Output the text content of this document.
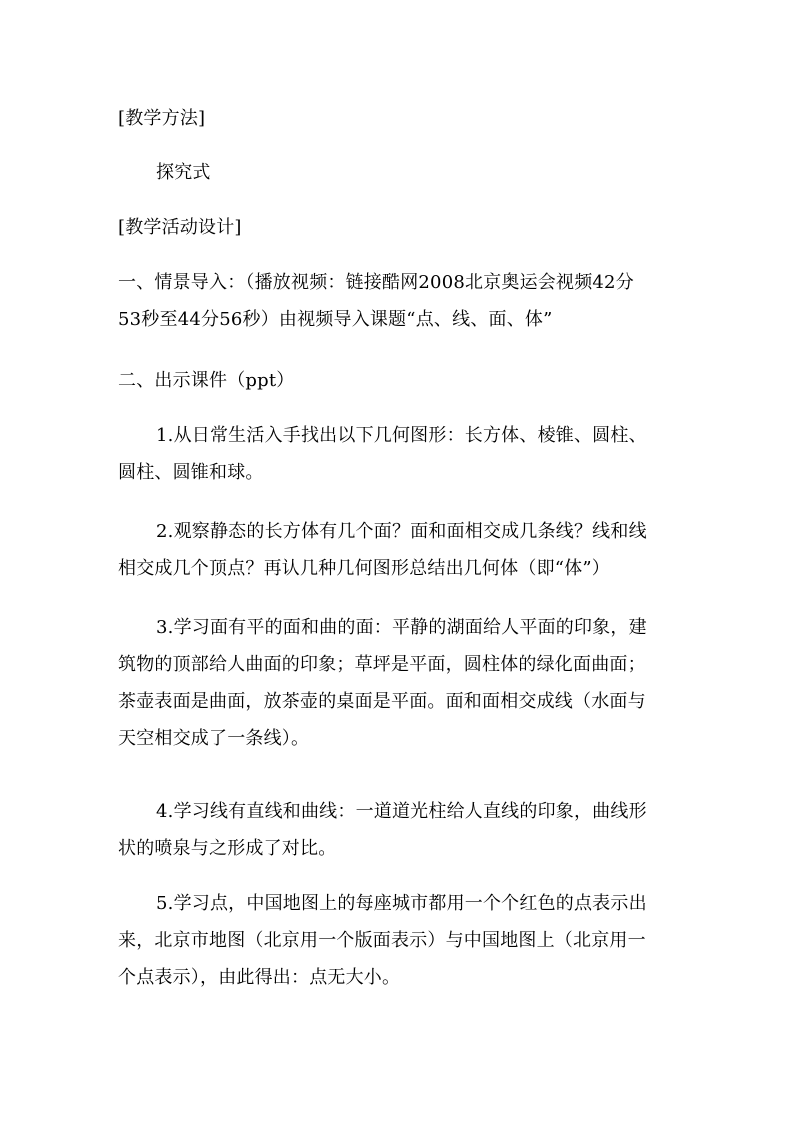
[教学方法]
探究式
[教学活动设计]
一、情景导入：（播放视频：链接酷网2008北京奥运会视频42分
53秒至44分56秒）由视频导入课题“点、线、面、体”
二、出示课件（ppt）
1.从日常生活入手找出以下几何图形：长方体、棱锥、圆柱、
圆柱、圆锥和球。
2.观察静态的长方体有几个面？面和面相交成几条线？线和线
相交成几个顶点？再认几种几何图形总结出几何体（即“体”）
3.学习面有平的面和曲的面：平静的湖面给人平面的印象，建
筑物的顶部给人曲面的印象；草坪是平面，圆柱体的绿化面曲面；
茶壶表面是曲面，放茶壶的桌面是平面。面和面相交成线（水面与
天空相交成了一条线）。
4.学习线有直线和曲线：一道道光柱给人直线的印象，曲线形
状的喷泉与之形成了对比。
5.学习点，中国地图上的每座城市都用一个个红色的点表示出
来，北京市地图（北京用一个版面表示）与中国地图上（北京用一
个点表示），由此得出：点无大小。
